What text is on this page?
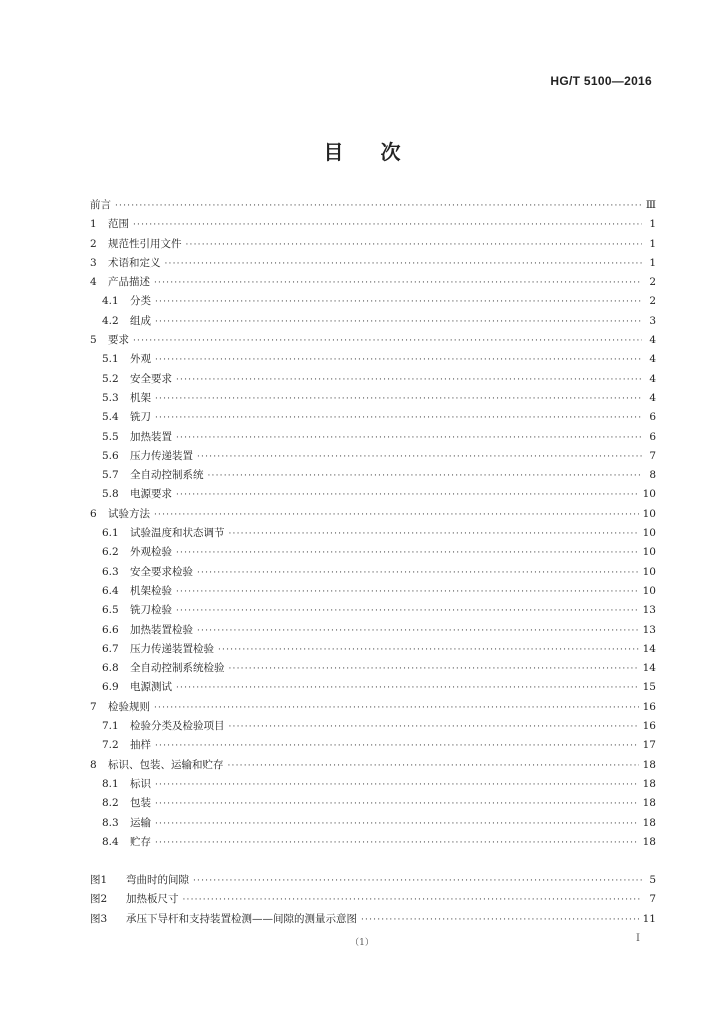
HG/T 5100—2016
目 次
前言 ·····	Ⅲ
1	范围 ·····	1
2	规范性引用文件 ·····	1
3	术语和定义 ·····	1
4	产品描述 ·····	2
4.1	分类 ·····	2
4.2	组成 ·····	3
5	要求 ·····	4
5.1	外观 ·····	4
5.2	安全要求 ·····	4
5.3	机架 ·····	4
5.4	铣刀 ·····	6
5.5	加热装置 ·····	6
5.6	压力传递装置 ·····	7
5.7	全自动控制系统 ·····	8
5.8	电源要求 ·····	10
6	试验方法 ·····	10
6.1	试验温度和状态调节 ·····	10
6.2	外观检验 ·····	10
6.3	安全要求检验 ·····	10
6.4	机架检验 ·····	10
6.5	铣刀检验 ·····	13
6.6	加热装置检验 ·····	13
6.7	压力传递装置检验 ·····	14
6.8	全自动控制系统检验 ·····	14
6.9	电源测试 ·····	15
7	检验规则 ·····	16
7.1	检验分类及检验项目 ·····	16
7.2	抽样 ·····	17
8	标识、包装、运输和贮存 ·····	18
8.1	标识 ·····	18
8.2	包装 ·····	18
8.3	运输 ·····	18
8.4	贮存 ·····	18
图1	弯曲时的间隙 ·····	5
图2	加热板尺寸 ·····	7
图3	承压下导杆和支持装置检测——间隙的测量示意图 ·····	11
（1）	Ⅰ
